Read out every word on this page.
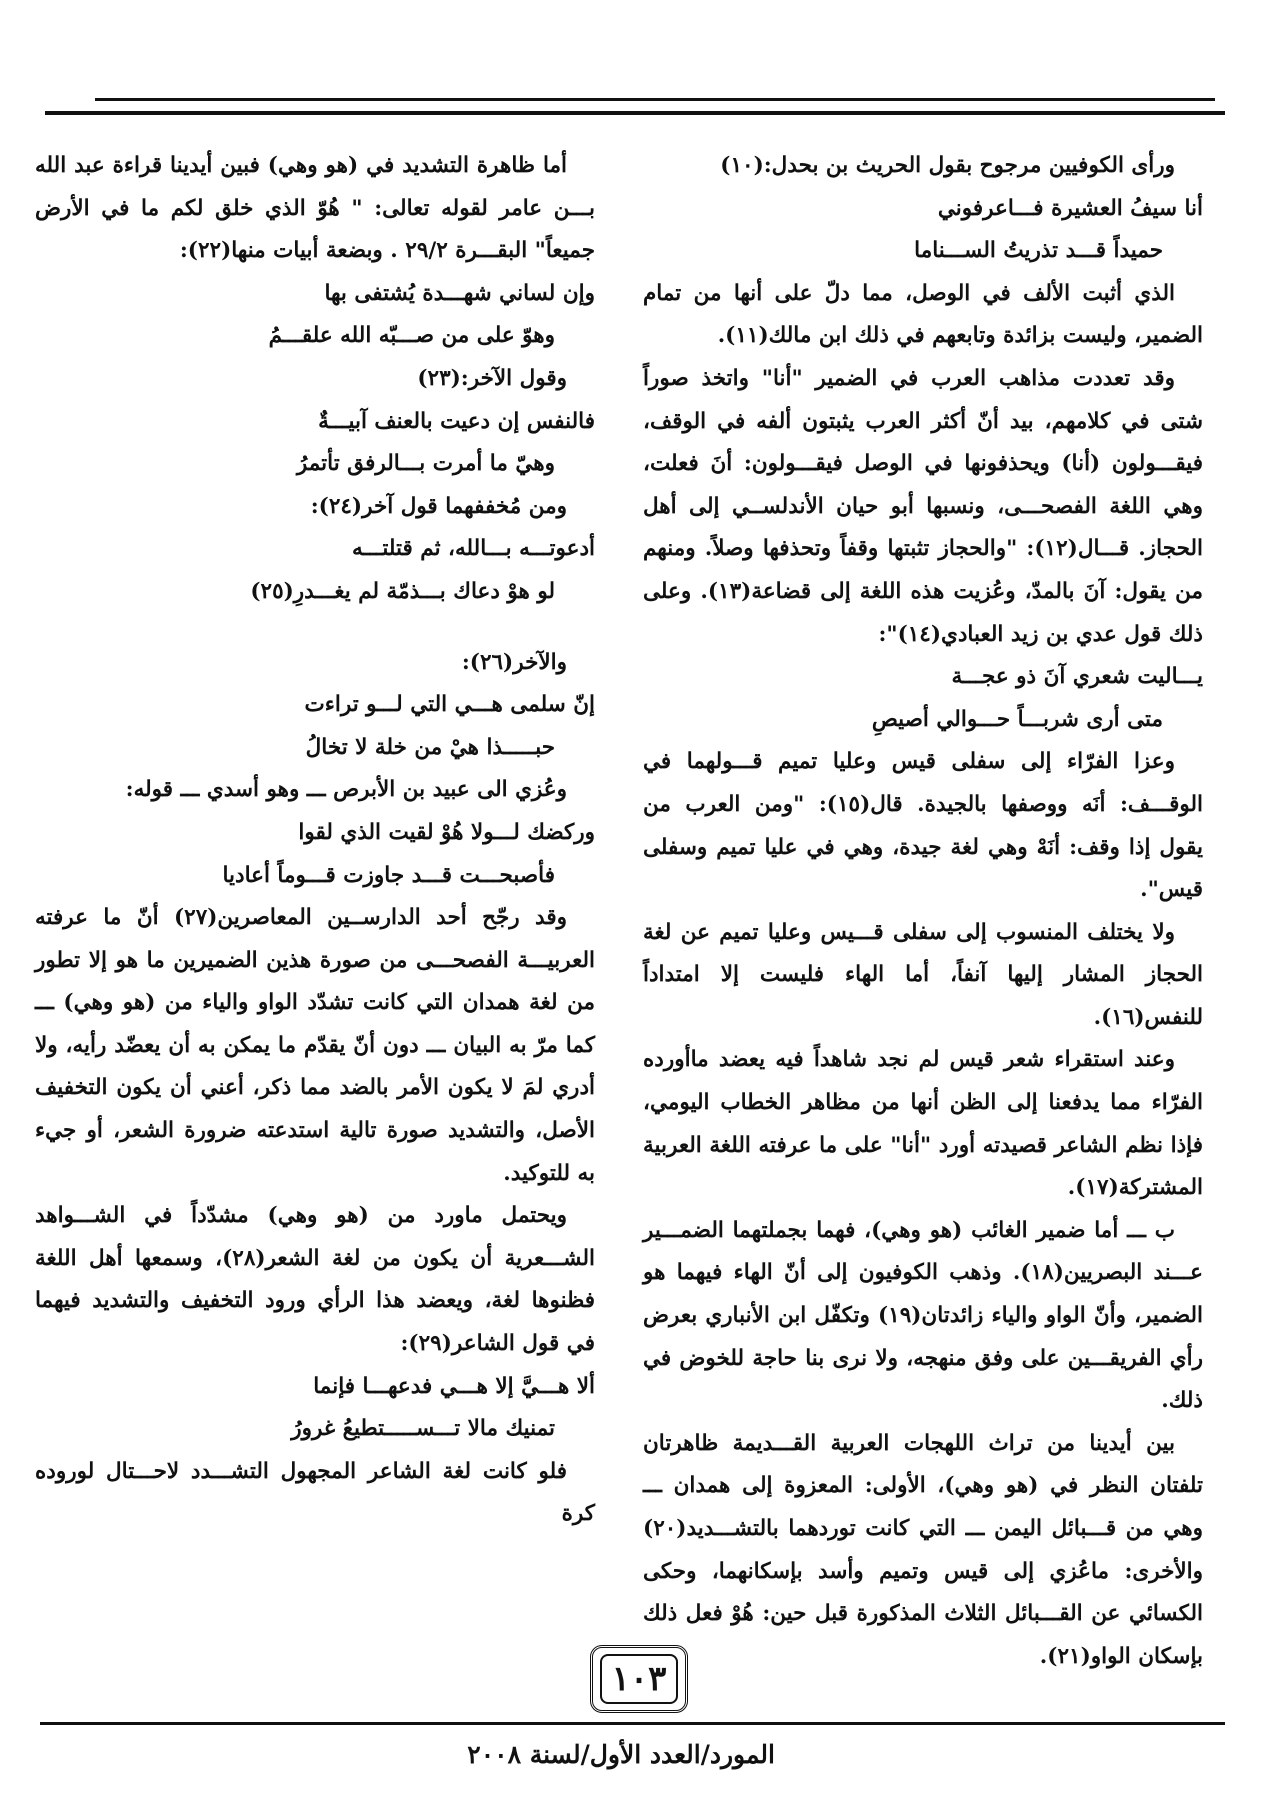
ورأى الكوفيين مرجوح بقول الحريث بن بحدل:(١٠)

أنا سيفُ العشيرة فـــاعرفوني

حميداً قـــد تذريتُ الســـناما

الذي أثبت الألف في الوصل، مما دلّ على أنها من تمام الضمير، وليست بزائدة وتابعهم في ذلك ابن مالك(١١).

وقد تعددت مذاهب العرب في الضمير "أنا" واتخذ صوراً شتى في كلامهم، بيد أنّ أكثر العرب يثبتون ألفه في الوقف، فيقـــولون (أنا) ويحذفونها في الوصل فيقـــولون: أنَ فعلت، وهي اللغة الفصحـــى، ونسبها أبو حيان الأندلســي إلى أهل الحجاز. قـــال(١٢): "والحجاز تثبتها وقفاً وتحذفها وصلاً. ومنهم من يقول: آنَ بالمدّ، وعُزيت هذه اللغة إلى قضاعة(١٣). وعلى ذلك قول عدي بن زيد العبادي(١٤)":

يـــاليت شعري آنَ ذو عجـــة

متى أرى شربـــاً حـــوالي أصيصِ

وعزا الفرّاء إلى سفلى قيس وعليا تميم قـــولهما في الوقـــف: أنَه ووصفها بالجيدة. قال(١٥): "ومن العرب من يقول إذا وقف: أنَهْ وهي لغة جيدة، وهي في عليا تميم وسفلى قيس".

ولا يختلف المنسوب إلى سفلى قـــيس وعليا تميم عن لغة الحجاز المشار إليها آنفاً، أما الهاء فليست إلا امتداداً للنفس(١٦).

وعند استقراء شعر قيس لم نجد شاهداً فيه يعضد ماأورده الفرّاء مما يدفعنا إلى الظن أنها من مظاهر الخطاب اليومي، فإذا نظم الشاعر قصيدته أورد "أنا" على ما عرفته اللغة العربية المشتركة(١٧).

ب ـــ أما ضمير الغائب (هو وهي)، فهما بجملتهما الضمـــير عـــند البصريين(١٨). وذهب الكوفيون إلى أنّ الهاء فيهما هو الضمير، وأنّ الواو والياء زائدتان(١٩) وتكفّل ابن الأنباري بعرض رأي الفريقـــين على وفق منهجه، ولا نرى بنا حاجة للخوض في ذلك.

بين أيدينا من تراث اللهجات العربية القـــديمة ظاهرتان تلفتان النظر في (هو وهي)، الأولى: المعزوة إلى همدان ـــ وهي من قـــبائل اليمن ـــ التي كانت توردهما بالتشـــديد(٢٠) والأخرى: ماعُزي إلى قيس وتميم وأسد بإسكانهما، وحكى الكسائي عن القـــبائل الثلاث المذكورة قبل حين: هُوْ فعل ذلك بإسكان الواو(٢١).

أما ظاهرة التشديد في (هو وهي) فبين أيدينا قراءة عبد الله بـــن عامر لقوله تعالى: " هُوّ الذي خلق لكم ما في الأرض جميعاً" البقـــرة ٢٩/٢ . وبضعة أبيات منها(٢٢):

وإن لساني شهـــدة يُشتفى بها

وهوّ على من صـــبّه الله علقـــمُ

وقول الآخر:(٢٣)

فالنفس إن دعيت بالعنف آبيـــةٌ

وهيّ ما أمرت بـــالرفق تأتمرُ

ومن مُخففهما قول آخر(٢٤):

أدعوتـــه بـــالله، ثم قتلتـــه

لو هوْ دعاك بـــذمّة لم يغـــدرِ(٢٥)

والآخر(٢٦):

إنّ سلمى هـــي التي لـــو تراءت

حبـــــذا هيْ من خلة لا تخالُ

وعُزي الى عبيد بن الأبرص ـــ وهو أسدي ـــ قوله:

وركضك لـــولا هُوْ لقيت الذي لقوا

فأصبحـــت قـــد جاوزت قـــوماً أعاديا

وقد رجّح أحد الدارســين المعاصرين(٢٧) أنّ ما عرفته العربيـــة الفصحـــى من صورة هذين الضميرين ما هو إلا تطور من لغة همدان التي كانت تشدّد الواو والياء من (هو وهي) ـــ كما مرّ به البيان ـــ دون أنّ يقدّم ما يمكن به أن يعضّد رأيه، ولا أدري لمَ لا يكون الأمر بالضد مما ذكر، أعني أن يكون التخفيف الأصل، والتشديد صورة تالية استدعته ضرورة الشعر، أو جيء به للتوكيد.

ويحتمل ماورد من (هو وهي) مشدّداً في الشـــواهد الشـــعرية أن يكون من لغة الشعر(٢٨)، وسمعها أهل اللغة فظنوها لغة، ويعضد هذا الرأي ورود التخفيف والتشديد فيهما في قول الشاعر(٢٩):

ألا هـــيَّ إلا هـــي فدعهـــا فإنما

تمنيك مالا تـــســـــتطيعُ غرورُ

فلو كانت لغة الشاعر المجهول التشـــدد لاحـــتال لوروده كرة

١٠٣
المورد/العدد الأول/لسنة ٢٠٠٨
